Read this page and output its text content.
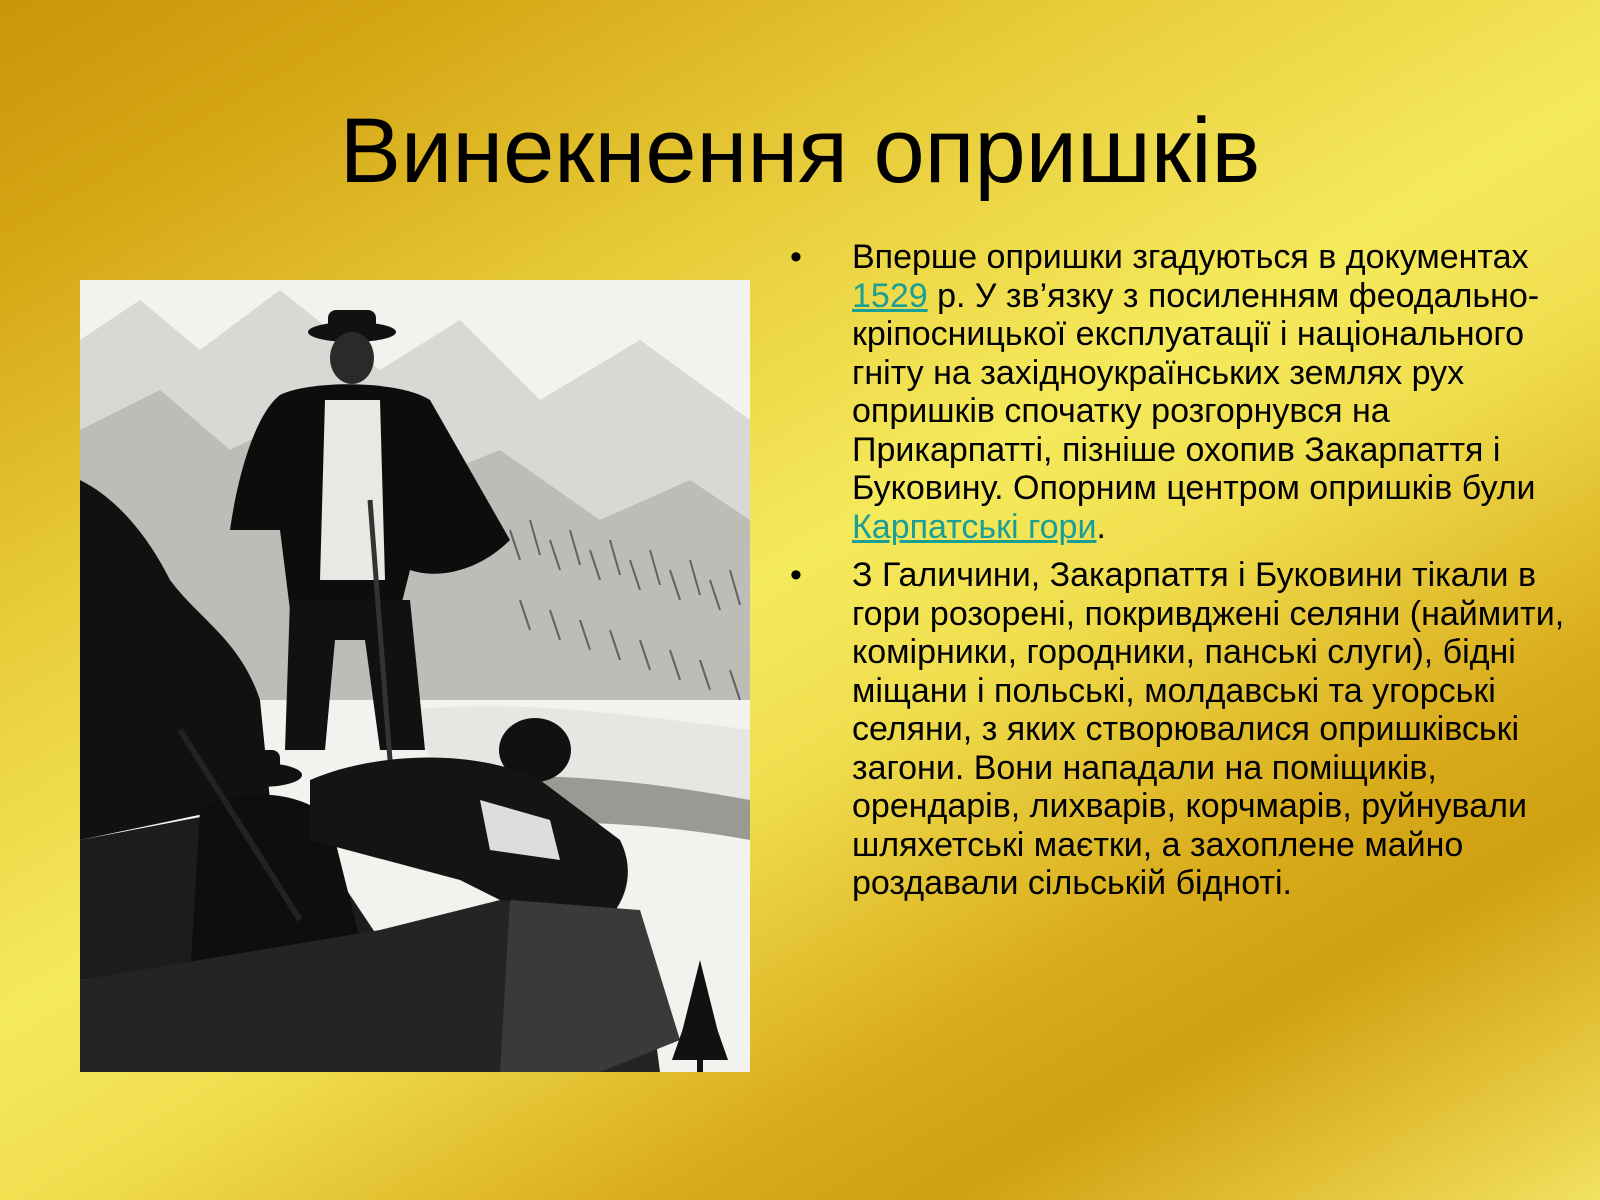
Винекнення опришків
• Вперше опришки згадуються в документах 1529 р. У зв’язку з посиленням феодально-кріпосницької експлуатації і національного гніту на західноукраїнських землях рух опришків спочатку розгорнувся на Прикарпатті, пізніше охопив Закарпаття і Буковину. Опорним центром опришків були Карпатські гори.
• З Галичини, Закарпаття і Буковини тікали в гори розорені, покривджені селяни (наймити, комірники, городники, панські слуги), бідні міщани і польські, молдавські та угорські селяни, з яких створювалися опришківські загони. Вони нападали на поміщиків, орендарів, лихварів, корчмарів, руйнували шляхетські маєтки, а захоплене майно роздавали сільській бідноті.
